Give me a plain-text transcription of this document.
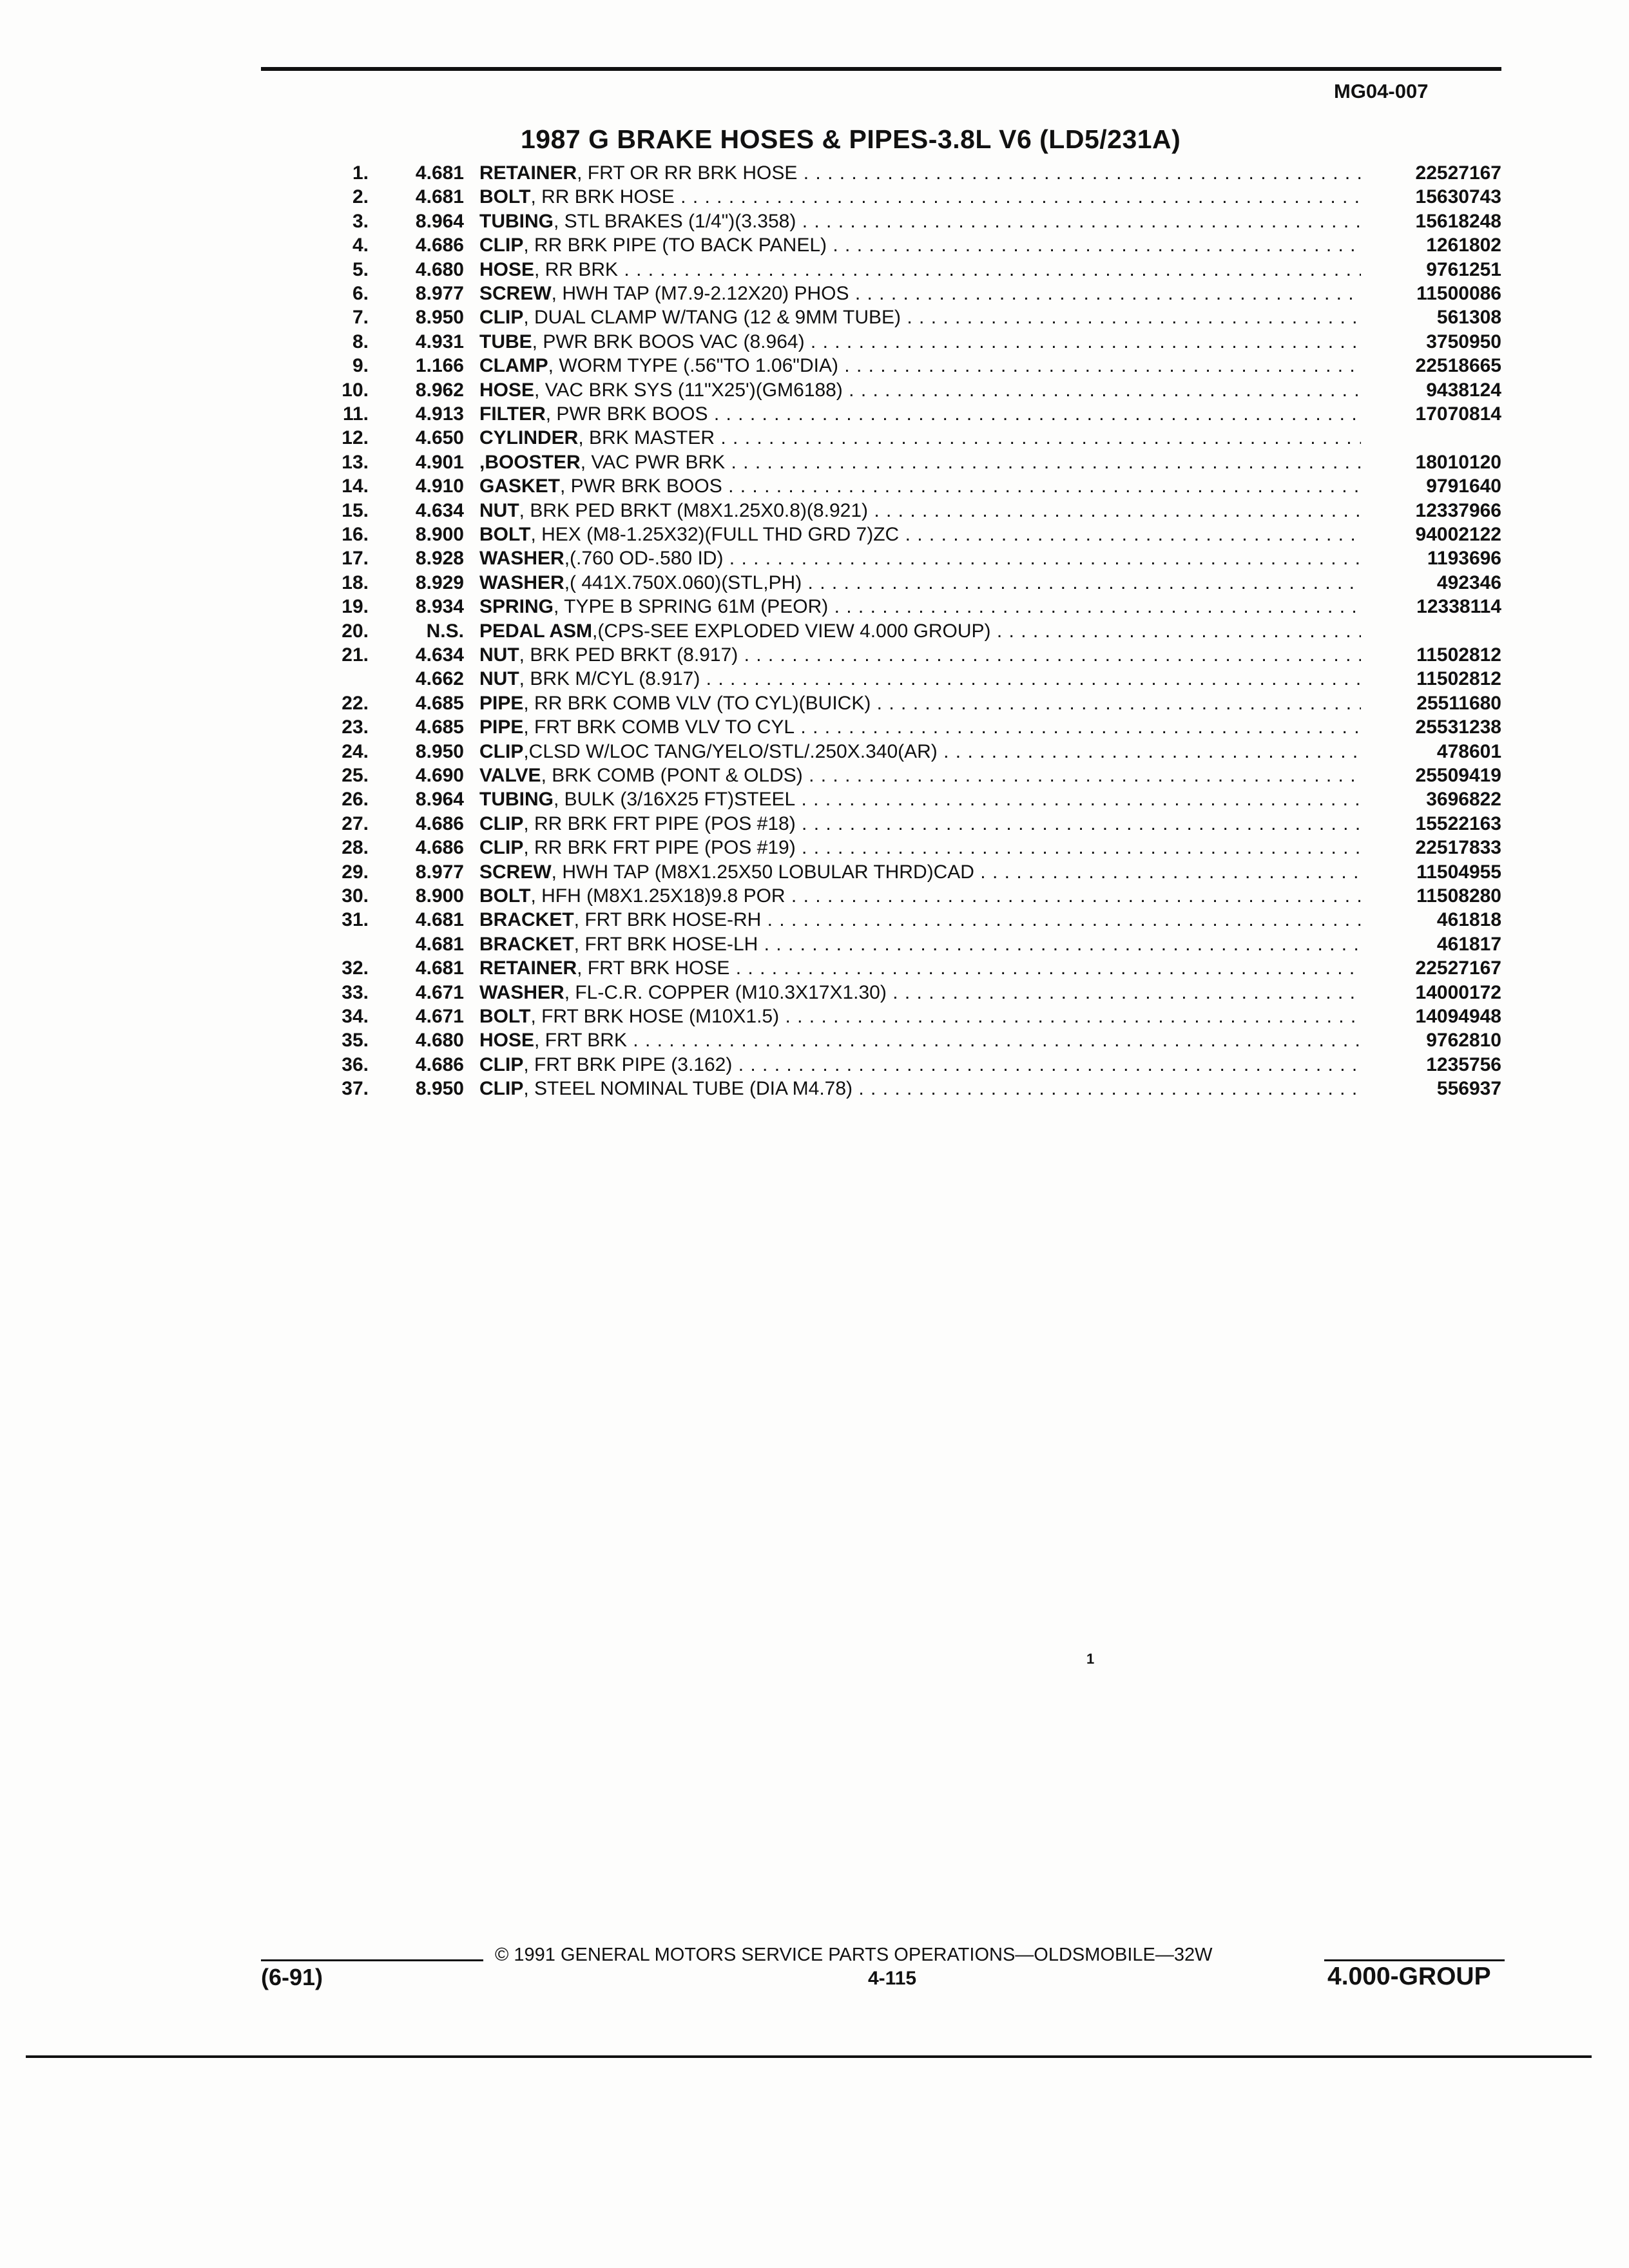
MG04-007
1987 G BRAKE HOSES & PIPES-3.8L V6 (LD5/231A)
1.	4.681 RETAINER, FRT OR RR BRK HOSE . . .	22527167
2.	4.681 BOLT, RR BRK HOSE . . .	15630743
3.	8.964 TUBING, STL BRAKES (1/4")(3.358) . . .	15618248
4.	4.686 CLIP, RR BRK PIPE (TO BACK PANEL) . . .	1261802
5.	4.680 HOSE, RR BRK . . .	9761251
6.	8.977 SCREW, HWH TAP (M7.9-2.12X20) PHOS . . .	11500086
7.	8.950 CLIP, DUAL CLAMP W/TANG (12 & 9MM TUBE) . . .	561308
8.	4.931 TUBE, PWR BRK BOOS VAC (8.964) . . .	3750950
9.	1.166 CLAMP, WORM TYPE (.56"TO 1.06"DIA) . . .	22518665
10.	8.962 HOSE, VAC BRK SYS (11"X25')(GM6188) . . .	9438124
11.	4.913 FILTER, PWR BRK BOOS . . .	17070814
12.	4.650 CYLINDER, BRK MASTER . . .
13.	4.901 ,BOOSTER, VAC PWR BRK . . .	18010120
14.	4.910 GASKET, PWR BRK BOOS . . .	9791640
15.	4.634 NUT, BRK PED BRKT (M8X1.25X0.8)(8.921) . . .	12337966
16.	8.900 BOLT, HEX (M8-1.25X32)(FULL THD GRD 7)ZC . . .	94002122
17.	8.928 WASHER,(.760 OD-.580 ID) . . .	1193696
18.	8.929 WASHER,( 441X.750X.060)(STL,PH) . . .	492346
19.	8.934 SPRING, TYPE B SPRING 61M (PEOR) . . .	12338114
20.	N.S. PEDAL ASM,(CPS-SEE EXPLODED VIEW 4.000 GROUP) . . .
21.	4.634 NUT, BRK PED BRKT (8.917) . . .	11502812
4.662 NUT, BRK M/CYL (8.917) . . .	11502812
22.	4.685 PIPE, RR BRK COMB VLV (TO CYL)(BUICK) . . .	25511680
23.	4.685 PIPE, FRT BRK COMB VLV TO CYL . . .	25531238
24.	8.950 CLIP,CLSD W/LOC TANG/YELO/STL/.250X.340(AR) . . .	478601
25.	4.690 VALVE, BRK COMB (PONT & OLDS) . . .	25509419
26.	8.964 TUBING, BULK (3/16X25 FT)STEEL . . .	3696822
27.	4.686 CLIP, RR BRK FRT PIPE (POS #18) . . .	15522163
28.	4.686 CLIP, RR BRK FRT PIPE (POS #19) . . .	22517833
29.	8.977 SCREW, HWH TAP (M8X1.25X50 LOBULAR THRD)CAD . . .	11504955
30.	8.900 BOLT, HFH (M8X1.25X18)9.8 POR . . .	11508280
31.	4.681 BRACKET, FRT BRK HOSE-RH . . .	461818
4.681 BRACKET, FRT BRK HOSE-LH . . .	461817
32.	4.681 RETAINER, FRT BRK HOSE . . .	22527167
33.	4.671 WASHER, FL-C.R. COPPER (M10.3X17X1.30) . . .	14000172
34.	4.671 BOLT, FRT BRK HOSE (M10X1.5) . . .	14094948
35.	4.680 HOSE, FRT BRK . . .	9762810
36.	4.686 CLIP, FRT BRK PIPE (3.162) . . .	1235756
37.	8.950 CLIP, STEEL NOMINAL TUBE (DIA M4.78) . . .	556937
1
© 1991 GENERAL MOTORS SERVICE PARTS OPERATIONS—OLDSMOBILE—32W
(6-91)	4-115	4.000-GROUP
